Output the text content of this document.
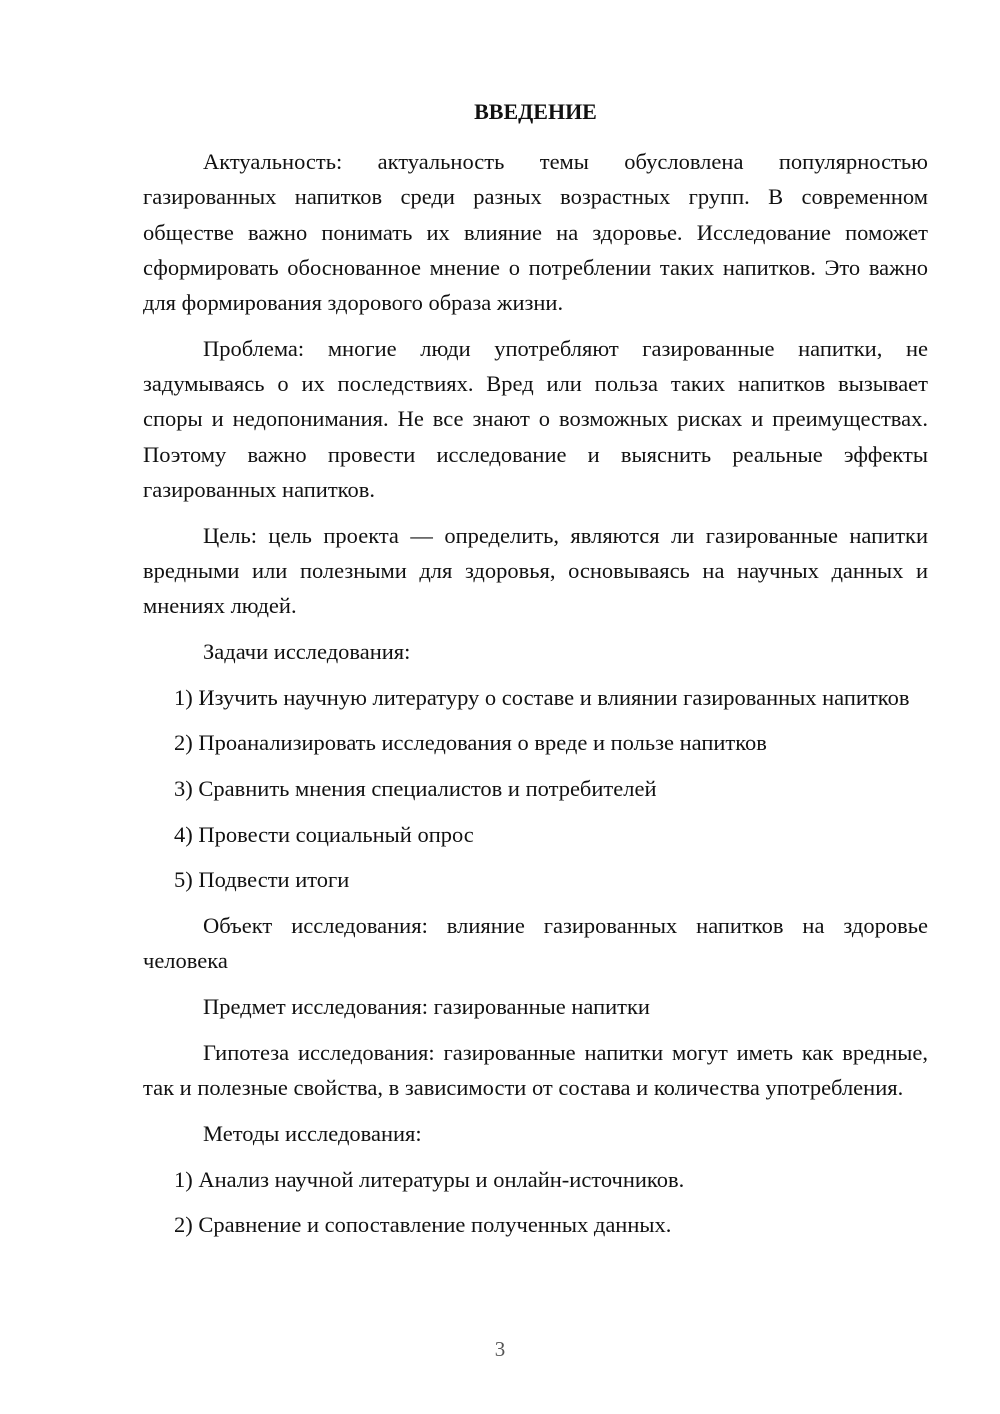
ВВЕДЕНИЕ

Актуальность: актуальность темы обусловлена популярностью газированных напитков среди разных возрастных групп. В современном обществе важно понимать их влияние на здоровье. Исследование поможет сформировать обоснованное мнение о потреблении таких напитков. Это важно для формирования здорового образа жизни.

Проблема: многие люди употребляют газированные напитки, не задумываясь о их последствиях. Вред или польза таких напитков вызывает споры и недопонимания. Не все знают о возможных рисках и преимуществах. Поэтому важно провести исследование и выяснить реальные эффекты газированных напитков.

Цель: цель проекта — определить, являются ли газированные напитки вредными или полезными для здоровья, основываясь на научных данных и мнениях людей.

Задачи исследования:

1) Изучить научную литературу о составе и влиянии газированных напитков

2) Проанализировать исследования о вреде и пользе напитков

3) Сравнить мнения специалистов и потребителей

4) Провести социальный опрос

5) Подвести итоги

Объект исследования: влияние газированных напитков на здоровье человека

Предмет исследования: газированные напитки

Гипотеза исследования: газированные напитки могут иметь как вредные, так и полезные свойства, в зависимости от состава и количества употребления.

Методы исследования:

1) Анализ научной литературы и онлайн-источников.

2) Сравнение и сопоставление полученных данных.

3
